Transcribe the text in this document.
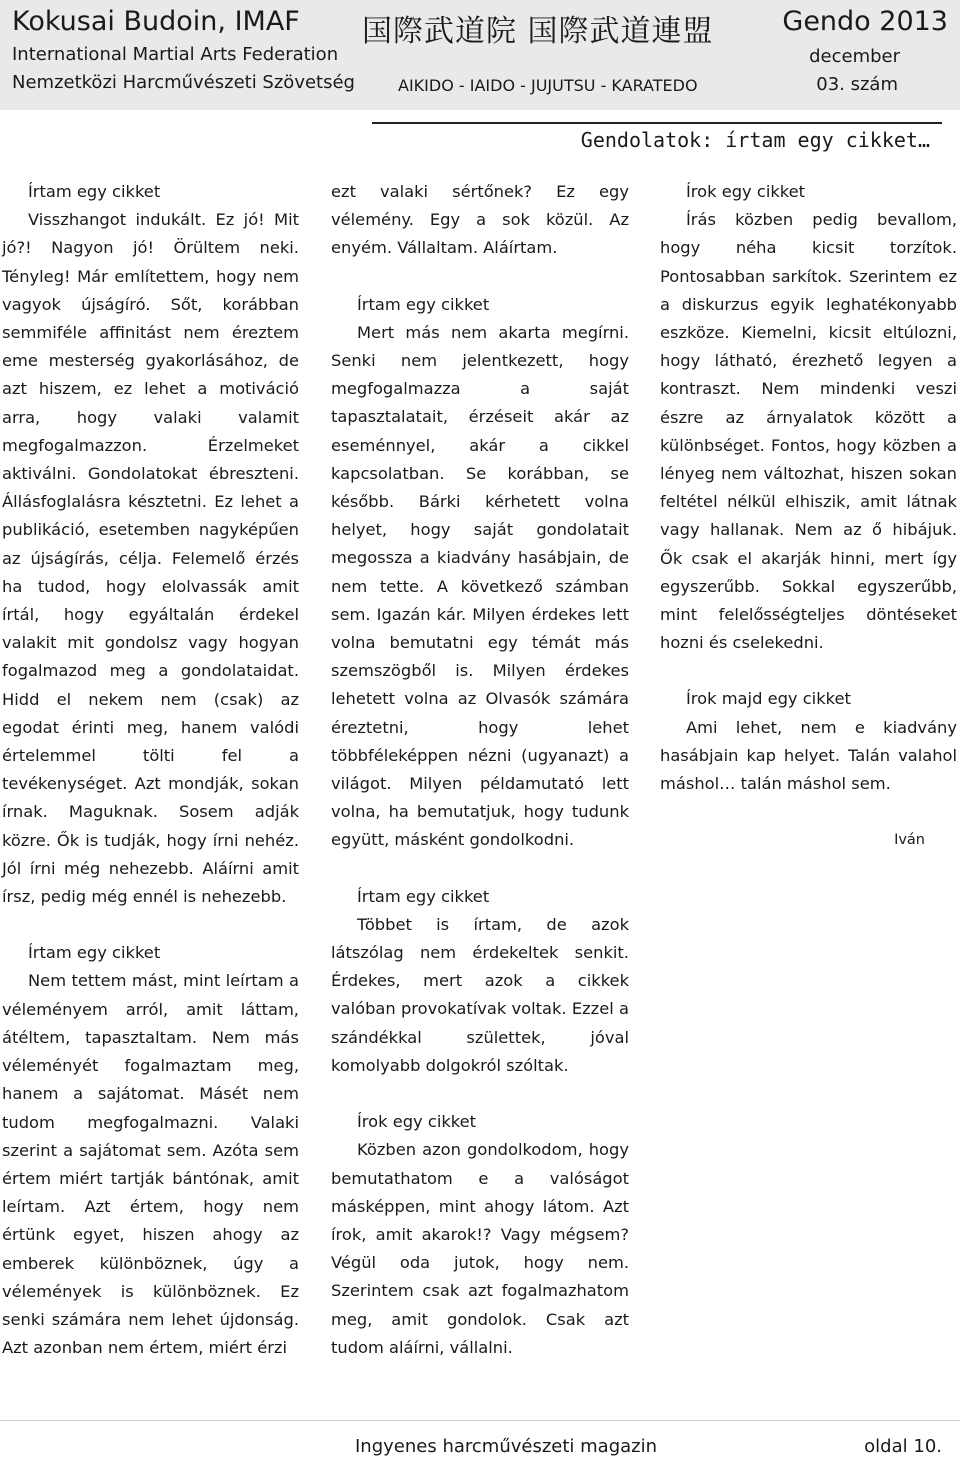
Kokusai Budoin, IMAF
International Martial Arts Federation
Nemzetközi Harcművészeti Szövetség
国際武道院 国際武道連盟
AIKIDO - IAIDO - JUJUTSU - KARATEDO
Gendo 2013
december
03. szám
Gendolatok: írtam egy cikket…

Írtam egy cikket

Visszhangot indukált. Ez jó! Mit jó?! Nagyon jó! Örültem neki. Tényleg! Már említettem, hogy nem vagyok újságíró. Sőt, korábban semmiféle affinitást nem éreztem eme mesterség gyakorlásához, de azt hiszem, ez lehet a motiváció arra, hogy valaki valamit megfogalmazzon. Érzelmeket aktiválni. Gondolatokat ébreszteni. Állásfoglalásra késztetni. Ez lehet a publikáció, esetemben nagyképűen az újságírás, célja. Felemelő érzés ha tudod, hogy elolvassák amit írtál, hogy egyáltalán érdekel valakit mit gondolsz vagy hogyan fogalmazod meg a gondolataidat. Hidd el nekem nem (csak) az egodat érinti meg, hanem valódi értelemmel tölti fel a tevékenységet. Azt mondják, sokan írnak. Maguknak. Sosem adják közre. Ők is tudják, hogy írni nehéz. Jól írni még nehezebb. Aláírni amit írsz, pedig még ennél is nehezebb.

Írtam egy cikket

Nem tettem mást, mint leírtam a véleményem arról, amit láttam, átéltem, tapasztaltam. Nem más véleményét fogalmaztam meg, hanem a sajátomat. Másét nem tudom megfogalmazni. Valaki szerint a sajátomat sem. Azóta sem értem miért tartják bántónak, amit leírtam. Azt értem, hogy nem értünk egyet, hiszen ahogy az emberek különböznek, úgy a vélemények is különböznek. Ez senki számára nem lehet újdonság. Azt azonban nem értem, miért érzi

ezt valaki sértőnek? Ez egy vélemény. Egy a sok közül. Az enyém. Vállaltam. Aláírtam.

Írtam egy cikket

Mert más nem akarta megírni. Senki nem jelentkezett, hogy megfogalmazza a saját tapasztalatait, érzéseit akár az eseménnyel, akár a cikkel kapcsolatban. Se korábban, se később. Bárki kérhetett volna helyet, hogy saját gondolatait megossza a kiadvány hasábjain, de nem tette. A következő számban sem. Igazán kár. Milyen érdekes lett volna bemutatni egy témát más szemszögből is. Milyen érdekes lehetett volna az Olvasók számára éreztetni, hogy lehet többféleképpen nézni (ugyanazt) a világot. Milyen példamutató lett volna, ha bemutatjuk, hogy tudunk együtt, másként gondolkodni.

Írtam egy cikket

Többet is írtam, de azok látszólag nem érdekeltek senkit. Érdekes, mert azok a cikkek valóban provokatívak voltak. Ezzel a szándékkal születtek, jóval komolyabb dolgokról szóltak.

Írok egy cikket

Közben azon gondolkodom, hogy bemutathatom e a valóságot másképpen, mint ahogy látom. Azt írok, amit akarok!? Vagy mégsem? Végül oda jutok, hogy nem. Szerintem csak azt fogalmazhatom meg, amit gondolok. Csak azt tudom aláírni, vállalni.

Írok egy cikket

Írás közben pedig bevallom, hogy néha kicsit torzítok. Pontosabban sarkítok. Szerintem ez a diskurzus egyik leghatékonyabb eszköze. Kiemelni, kicsit eltúlozni, hogy látható, érezhető legyen a kontraszt. Nem mindenki veszi észre az árnyalatok között a különbséget. Fontos, hogy közben a lényeg nem változhat, hiszen sokan feltétel nélkül elhiszik, amit látnak vagy hallanak. Nem az ő hibájuk. Ők csak el akarják hinni, mert így egyszerűbb. Sokkal egyszerűbb, mint felelősségteljes döntéseket hozni és cselekedni.

Írok majd egy cikket

Ami lehet, nem e kiadvány hasábjain kap helyet. Talán valahol máshol… talán máshol sem.

Iván

Ingyenes harcművészeti magazin	oldal 10.
